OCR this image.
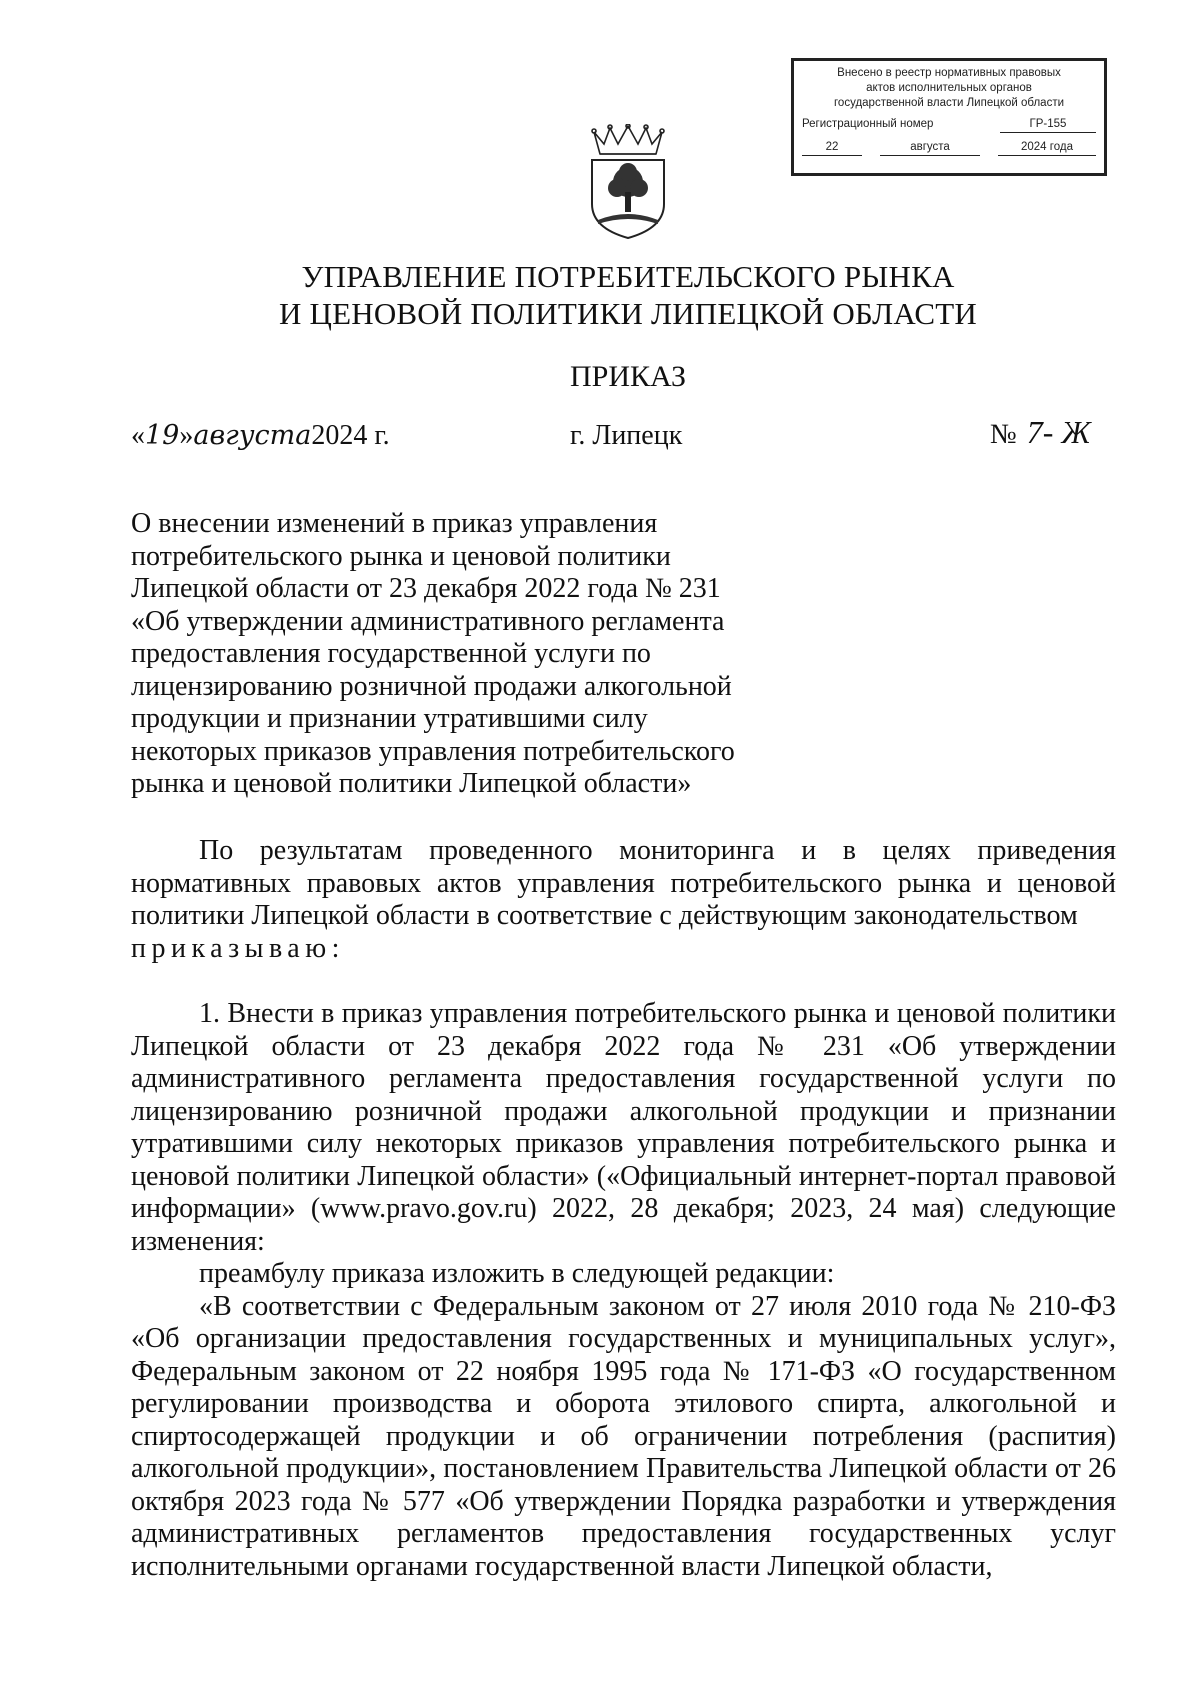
Внесено в реестр нормативных правовых
актов исполнительных органов
государственной власти Липецкой области
Регистрационный номер	ГР-155
22	августа	2024 года
УПРАВЛЕНИЕ ПОТРЕБИТЕЛЬСКОГО РЫНКА
И ЦЕНОВОЙ ПОЛИТИКИ ЛИПЕЦКОЙ ОБЛАСТИ
ПРИКАЗ
«19»августа2024 г.	г. Липецк	№ 7- Ж
О внесении изменений в приказ управления
потребительского рынка и ценовой политики
Липецкой области от 23 декабря 2022 года № 231
«Об утверждении административного регламента
предоставления государственной услуги по
лицензированию розничной продажи алкогольной
продукции и признании утратившими силу
некоторых приказов управления потребительского
рынка и ценовой политики Липецкой области»

По результатам проведенного мониторинга и в целях приведения нормативных правовых актов управления потребительского рынка и ценовой политики Липецкой области в соответствие с действующим законодательством

приказываю:

1. Внести в приказ управления потребительского рынка и ценовой политики Липецкой области от 23 декабря 2022 года № 231 «Об утверждении административного регламента предоставления государственной услуги по лицензированию розничной продажи алкогольной продукции и признании утратившими силу некоторых приказов управления потребительского рынка и ценовой политики Липецкой области» («Официальный интернет-портал правовой информации» (www.pravo.gov.ru) 2022, 28 декабря; 2023, 24 мая) следующие изменения:

преамбулу приказа изложить в следующей редакции:

«В соответствии с Федеральным законом от 27 июля 2010 года № 210-ФЗ «Об организации предоставления государственных и муниципальных услуг», Федеральным законом от 22 ноября 1995 года № 171-ФЗ «О государственном регулировании производства и оборота этилового спирта, алкогольной и спиртосодержащей продукции и об ограничении потребления (распития) алкогольной продукции», постановлением Правительства Липецкой области от 26 октября 2023 года № 577 «Об утверждении Порядка разработки и утверждения административных регламентов предоставления государственных услуг исполнительными органами государственной власти Липецкой области,
